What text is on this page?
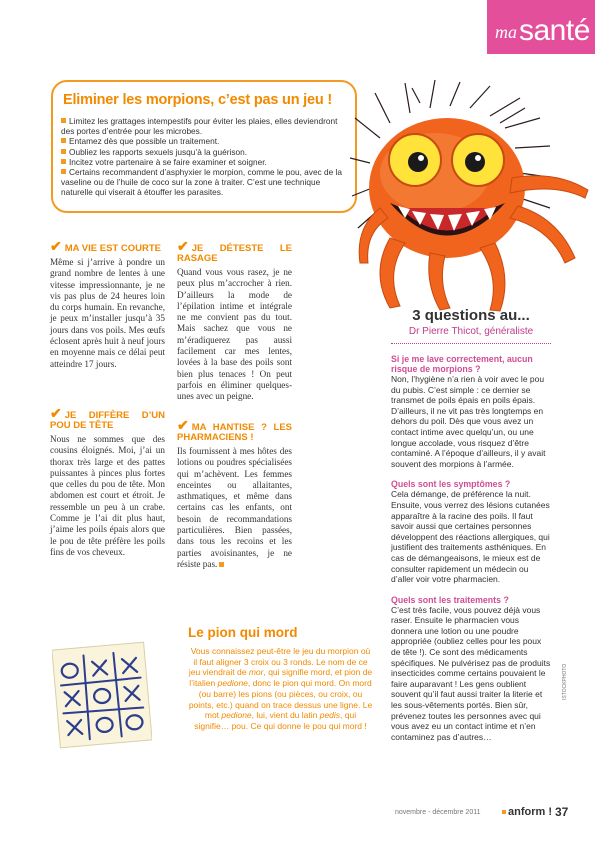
ma santé
Eliminer les morpions, c’est pas un jeu !
Limitez les grattages intempestifs pour éviter les plaies, elles deviendront des portes d’entrée pour les microbes.
Entamez dès que possible un traitement.
Oubliez les rapports sexuels jusqu’à la guérison.
Incitez votre partenaire à se faire examiner et soigner.
Certains recommandent d’asphyxier le morpion, comme le pou, avec de la vaseline ou de l’huile de coco sur la zone à traiter. C’est une technique naturelle qui viserait à étouffer les parasites.
✔ MA VIE EST COURTE
Même si j’arrive à pondre un grand nombre de lentes à une vitesse impressionnante, je ne vis pas plus de 24 heures loin du corps humain. En revanche, je peux m’installer jusqu’à 35 jours dans vos poils. Mes œufs éclosent après huit à neuf jours en moyenne mais ce délai peut atteindre 17 jours.
✔ JE DIFFÈRE D’UN POU DE TÊTE
Nous ne sommes que des cousins éloignés. Moi, j’ai un thorax très large et des pattes puissantes à pinces plus fortes que celles du pou de tête. Mon abdomen est court et étroit. Je ressemble un peu à un crabe. Comme je l’ai dit plus haut, j’aime les poils épais alors que le pou de tête préfère les poils fins de vos cheveux.
✔ JE DÉTESTE LE RASAGE
Quand vous vous rasez, je ne peux plus m’accrocher à rien. D’ailleurs la mode de l’épilation intime et intégrale ne me convient pas du tout. Mais sachez que vous ne m’éradiquerez pas aussi facilement car mes lentes, lovées à la base des poils sont bien plus tenaces ! On peut parfois en éliminer quelques-unes avec un peigne.
✔ MA HANTISE ? LES PHARMACIENS !
Ils fournissent à mes hôtes des lotions ou poudres spécialisées qui m’achèvent. Les femmes enceintes ou allaitantes, asthmatiques, et même dans certains cas les enfants, ont besoin de recommandations particulières. Bien passées, dans tous les recoins et les parties avoisinantes, je ne résiste pas.
3 questions au...
Dr Pierre Thicot, généraliste
Si je me lave correctement, aucun risque de morpions ?
Non, l’hygiène n’a rien à voir avec le pou du pubis. C’est simple : ce dernier se transmet de poils épais en poils épais. D’ailleurs, il ne vit pas très longtemps en dehors du poil. Dès que vous avez un contact intime avec quelqu’un, ou une longue accolade, vous risquez d’être contaminé. A l’époque d’ailleurs, il y avait souvent des morpions à l’armée.
Quels sont les symptômes ?
Cela démange, de préférence la nuit. Ensuite, vous verrez des lésions cutanées apparaître à la racine des poils. Il faut savoir aussi que certaines personnes développent des réactions allergiques, qui justifient des traitements asthéniques. En cas de démangeaisons, le mieux est de consulter rapidement un médecin ou d’aller voir votre pharmacien.
Quels sont les traitements ?
C’est très facile, vous pouvez déjà vous raser. Ensuite le pharmacien vous donnera une lotion ou une poudre appropriée (oubliez celles pour les poux de tête !). Ce sont des médicaments spécifiques. Ne pulvérisez pas de produits insecticides comme certains pouvaient le faire auparavant ! Les gens oublient souvent qu’il faut aussi traiter la literie et les sous-vêtements portés. Bien sûr, prévenez toutes les personnes avec qui vous avez eu un contact intime et n’en contaminez pas d’autres…
Le pion qui mord
Vous connaissez peut-être le jeu du morpion où il faut aligner 3 croix ou 3 ronds. Le nom de ce jeu viendrait de mor, qui signifie mord, et pion de l’italien pedione, donc le pion qui mord. On mord (ou barre) les pions (ou pièces, ou croix, ou points, etc.) quand on trace dessus une ligne. Le mot pedione, lui, vient du latin pedis, qui signifie… pou. Ce qui donne le pou qui mord !
ISTOCKPHOTO
novembre - décembre 2011	anform ! 37
